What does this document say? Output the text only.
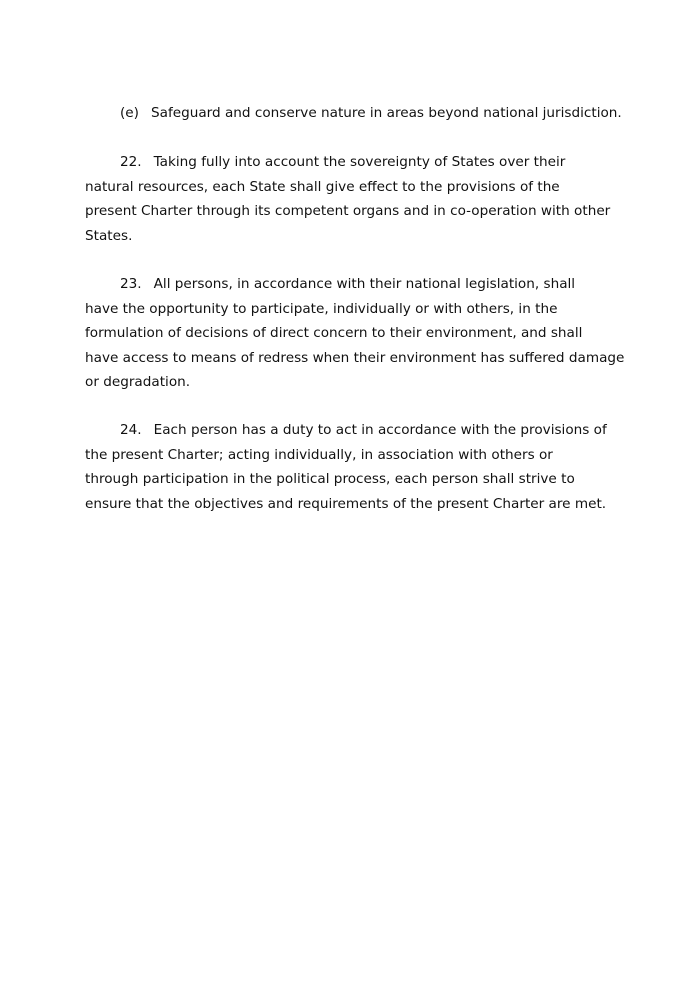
(e) Safeguard and conserve nature in areas beyond national jurisdiction.

22. Taking fully into account the sovereignty of States over their
natural resources, each State shall give effect to the provisions of the
present Charter through its competent organs and in co-operation with other
States.

23. All persons, in accordance with their national legislation, shall
have the opportunity to participate, individually or with others, in the
formulation of decisions of direct concern to their environment, and shall
have access to means of redress when their environment has suffered damage
or degradation.

24. Each person has a duty to act in accordance with the provisions of
the present Charter; acting individually, in association with others or
through participation in the political process, each person shall strive to
ensure that the objectives and requirements of the present Charter are met.
